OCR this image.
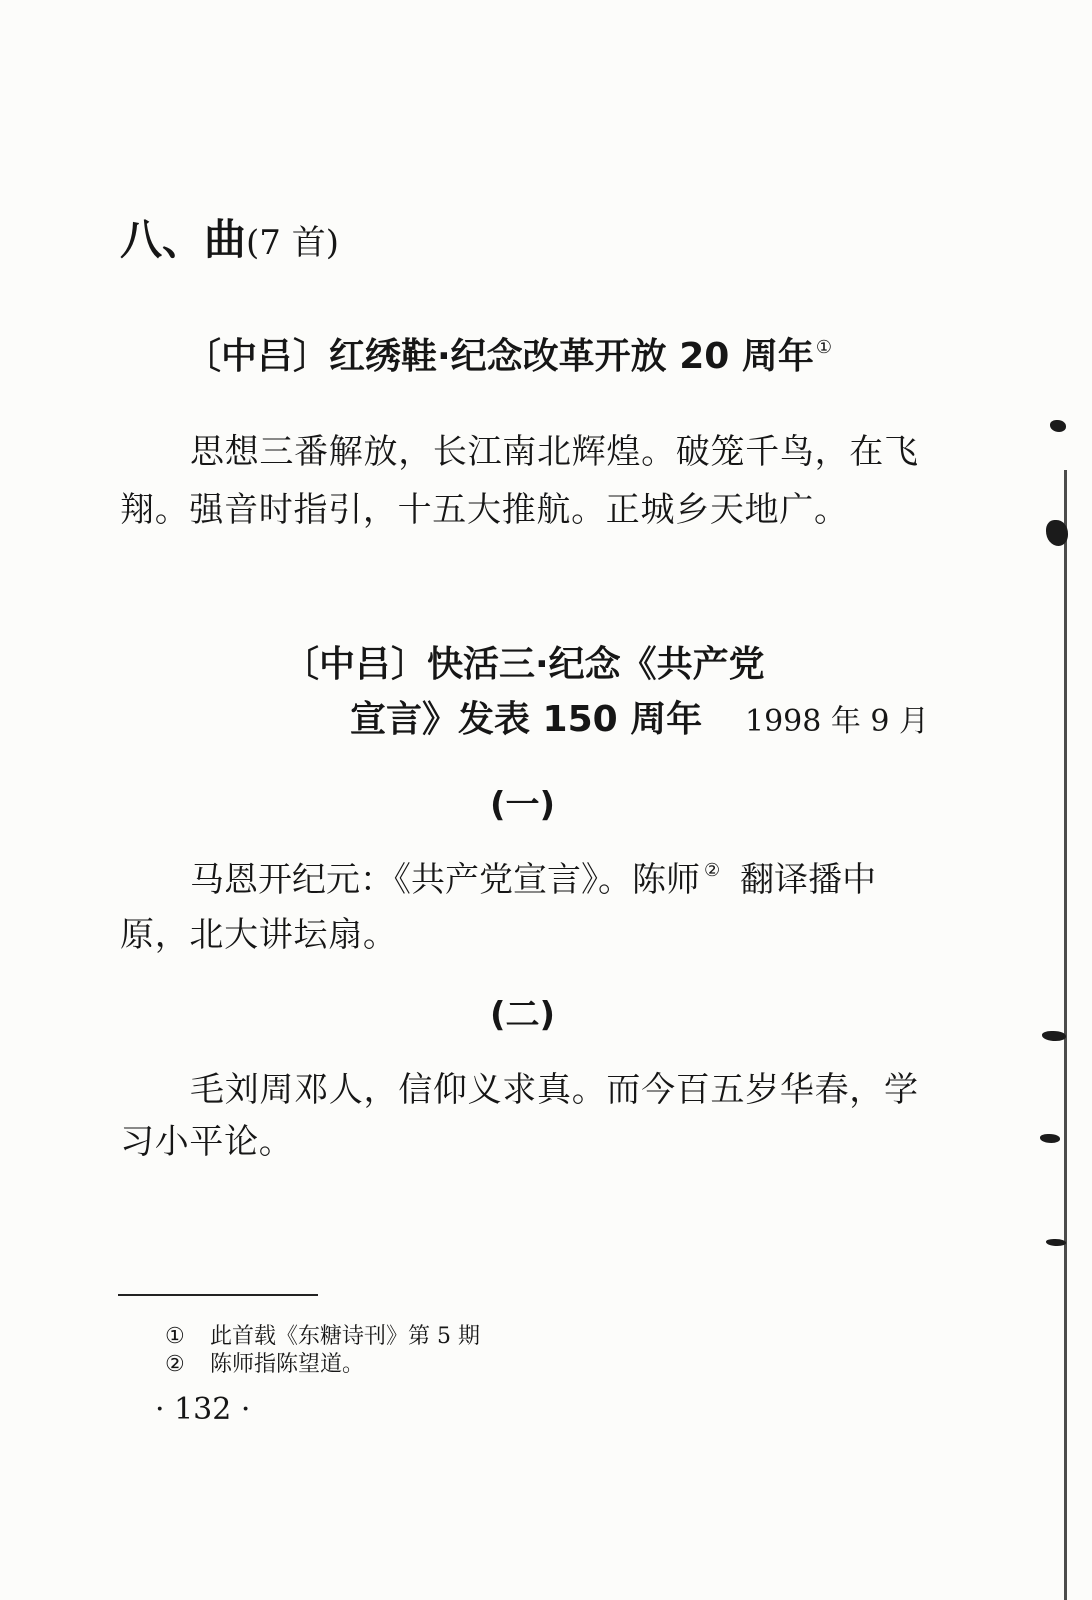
八、曲(7 首)
〔中吕〕红绣鞋·纪念改革开放 20 周年 ①
思想三番解放，长江南北辉煌。破笼千鸟，在飞
翔。强音时指引，十五大推航。正城乡天地广。
〔中吕〕快活三·纪念《共产党
宣言》发表 150 周年 1998 年 9 月
(一)
马恩开纪元：《共产党宣言》。陈师 ② 翻译播中
原，北大讲坛扇。
(二)
毛刘周邓人，信仰义求真。而今百五岁华春，学
习小平论。
① 此首载《东糖诗刊》第 5 期
② 陈师指陈望道。
· 132 ·
